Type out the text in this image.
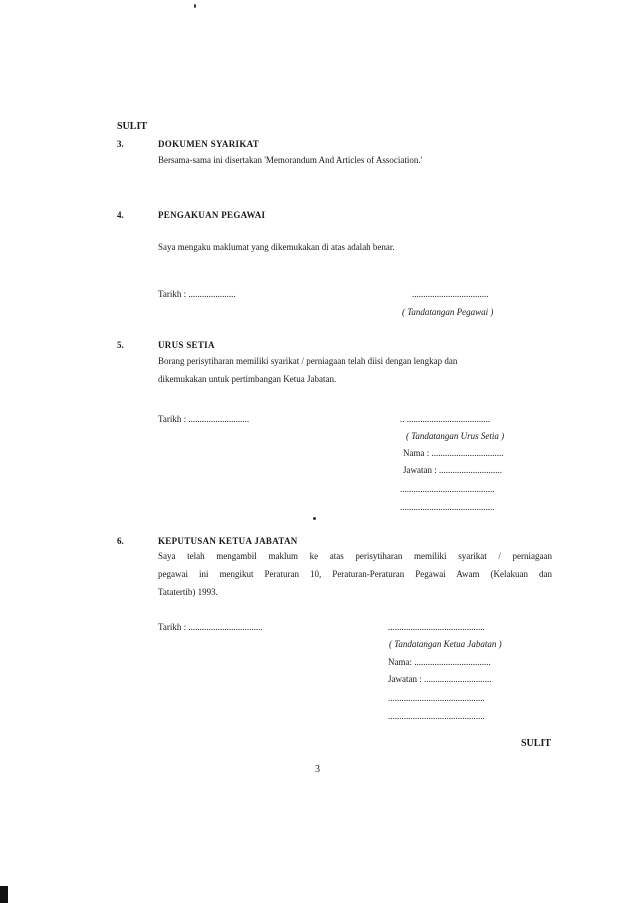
SULIT
3.	DOKUMEN SYARIKAT
Bersama-sama ini disertakan 'Memorandum And Articles of Association.'
4.	PENGAKUAN PEGAWAI
Saya mengaku maklumat yang dikemukakan di atas adalah benar.
Tarikh : .....................	..................................
( Tandatangan Pegawai )
5.	URUS SETIA
Borang perisytiharan memiliki syarikat / perniagaan telah diisi dengan lengkap dan
dikemukakan untuk pertimbangan Ketua Jabatan.
Tarikh : ...........................	.. .....................................
( Tandatangan Urus Setia )
Nama : ................................
Jawatan : ............................
..........................................
..........................................
6.	KEPUTUSAN KETUA JABATAN
Saya telah mengambil maklum ke atas perisytiharan memiliki syarikat / perniagaan
pegawai ini mengikut Peraturan 10, Peraturan-Peraturan Pegawai Awam (Kelakuan dan
Tatatertib) 1993.
Tarikh : .................................	...........................................
( Tandatangan Ketua Jabatan )
Nama: ..................................
Jawatan : ..............................
...........................................
...........................................
SULIT
3
